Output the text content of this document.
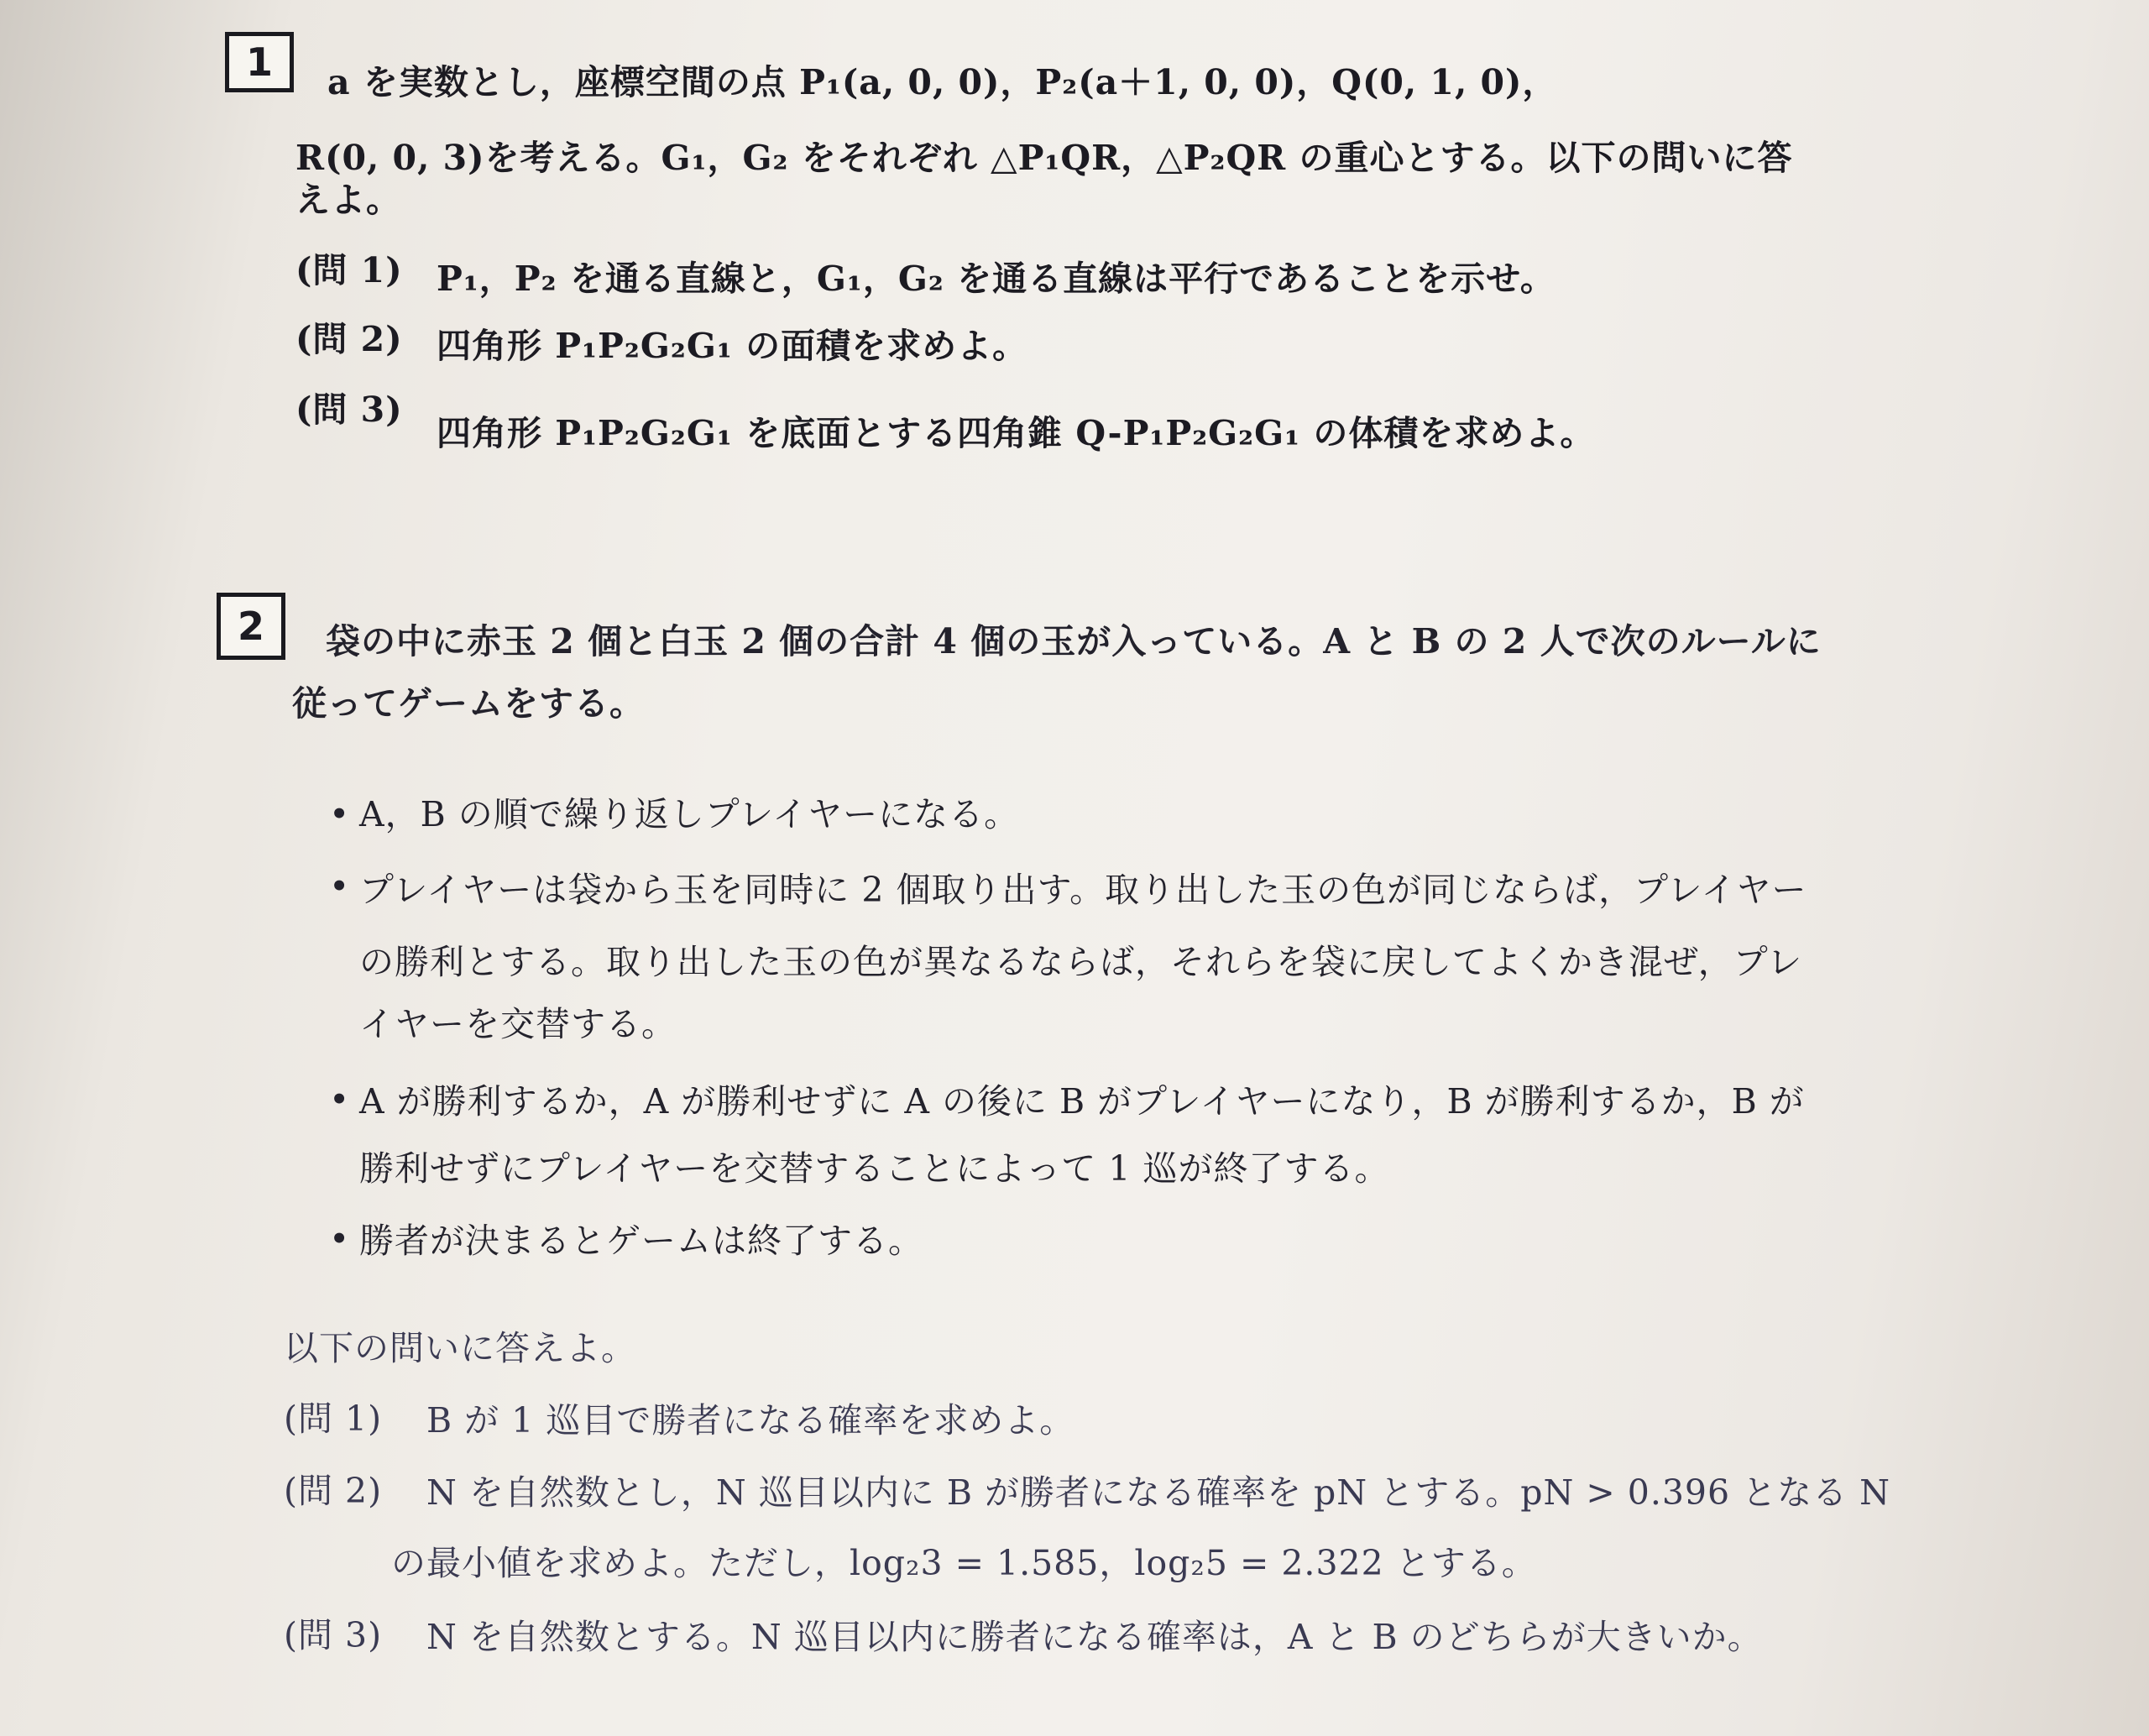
1	a を実数とし，座標空間の点 P₁(a, 0, 0)，P₂(a＋1, 0, 0)，Q(0, 1, 0)，
R(0, 0, 3)を考える。G₁，G₂ をそれぞれ △P₁QR，△P₂QR の重心とする。以下の問いに答
えよ。
(問 1) P₁，P₂ を通る直線と，G₁，G₂ を通る直線は平行であることを示せ。
(問 2) 四角形 P₁P₂G₂G₁ の面積を求めよ。
(問 3)
四角形 P₁P₂G₂G₁ を底面とする四角錐 Q-P₁P₂G₂G₁ の体積を求めよ。
2	袋の中に赤玉 2 個と白玉 2 個の合計 4 個の玉が入っている。A と B の 2 人で次のルールに
従ってゲームをする。
• A，B の順で繰り返しプレイヤーになる。
• プレイヤーは袋から玉を同時に 2 個取り出す。取り出した玉の色が同じならば，プレイヤー
の勝利とする。取り出した玉の色が異なるならば，それらを袋に戻してよくかき混ぜ，プレ
イヤーを交替する。
• A が勝利するか，A が勝利せずに A の後に B がプレイヤーになり，B が勝利するか，B が
勝利せずにプレイヤーを交替することによって 1 巡が終了する。
• 勝者が決まるとゲームは終了する。
以下の問いに答えよ。
(問 1) B が 1 巡目で勝者になる確率を求めよ。
(問 2) N を自然数とし，N 巡目以内に B が勝者になる確率を pN とする。pN > 0.396 となる N
の最小値を求めよ。ただし，log₂3 = 1.585，log₂5 = 2.322 とする。
(問 3) N を自然数とする。N 巡目以内に勝者になる確率は，A と B のどちらが大きいか。
